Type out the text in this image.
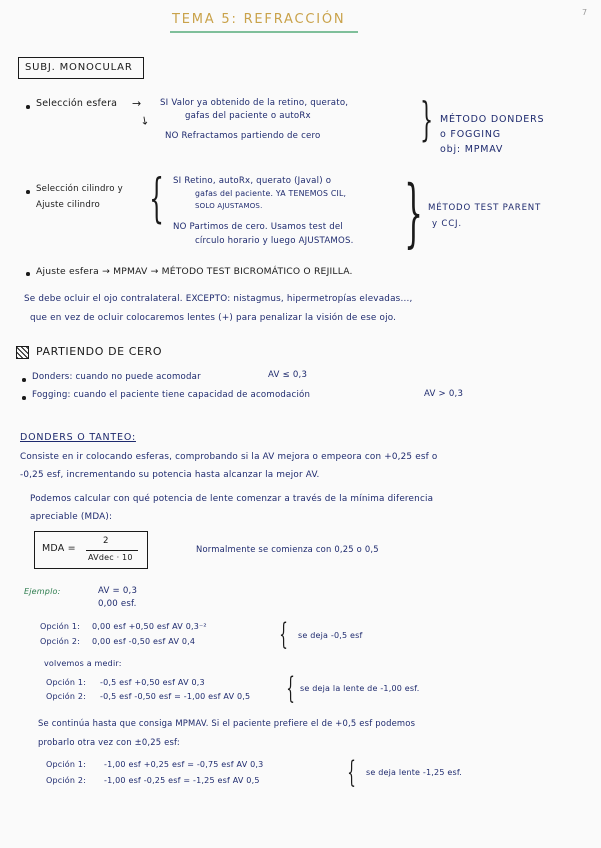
7
TEMA 5: REFRACCIÓN
SUBJ. MONOCULAR
Selección esfera →
↘
SI Valor ya obtenido de la retino, querato,
gafas del paciente o autoRx
NO Refractamos partiendo de cero } MÉTODO DONDERS
o FOGGING
obj: MPMAV
Selección cilindro y
Ajuste cilindro { SI Retino, autoRx, querato (Javal) o
gafas del paciente. YA TENEMOS CIL,
SOLO AJUSTAMOS.
NO Partimos de cero. Usamos test del
círculo horario y luego AJUSTAMOS. } MÉTODO TEST PARENT
y CCJ.
Ajuste esfera → MPMAV → MÉTODO TEST BICROMÁTICO O REJILLA.
Se debe ocluir el ojo contralateral. EXCEPTO: nistagmus, hipermetropías elevadas...,
que en vez de ocluir colocaremos lentes (+) para penalizar la visión de ese ojo.
PARTIENDO DE CERO
Donders: cuando no puede acomodar	AV ≤ 0,3
Fogging: cuando el paciente tiene capacidad de acomodación	AV > 0,3
DONDERS O TANTEO:
Consiste en ir colocando esferas, comprobando si la AV mejora o empeora con +0,25 esf o
-0,25 esf, incrementando su potencia hasta alcanzar la mejor AV.
Podemos calcular con qué potencia de lente comenzar a través de la mínima diferencia
apreciable (MDA):
MDA =
2
AVdec · 10
Normalmente se comienza con 0,25 o 0,5
Ejemplo:	AV = 0,3
0,00 esf.
Opción 1: 0,00 esf +0,50 esf AV 0,3⁻²
Opción 2: 0,00 esf -0,50 esf AV 0,4	{ se deja -0,5 esf
volvemos a medir:
Opción 1: -0,5 esf +0,50 esf AV 0,3
Opción 2: -0,5 esf -0,50 esf = -1,00 esf AV 0,5 { se deja la lente de -1,00 esf.
Se continúa hasta que consiga MPMAV. Si el paciente prefiere el de +0,5 esf podemos
probarlo otra vez con ±0,25 esf:
Opción 1: -1,00 esf +0,25 esf = -0,75 esf AV 0,3
Opción 2: -1,00 esf -0,25 esf = -1,25 esf AV 0,5	{ se deja lente -1,25 esf.
